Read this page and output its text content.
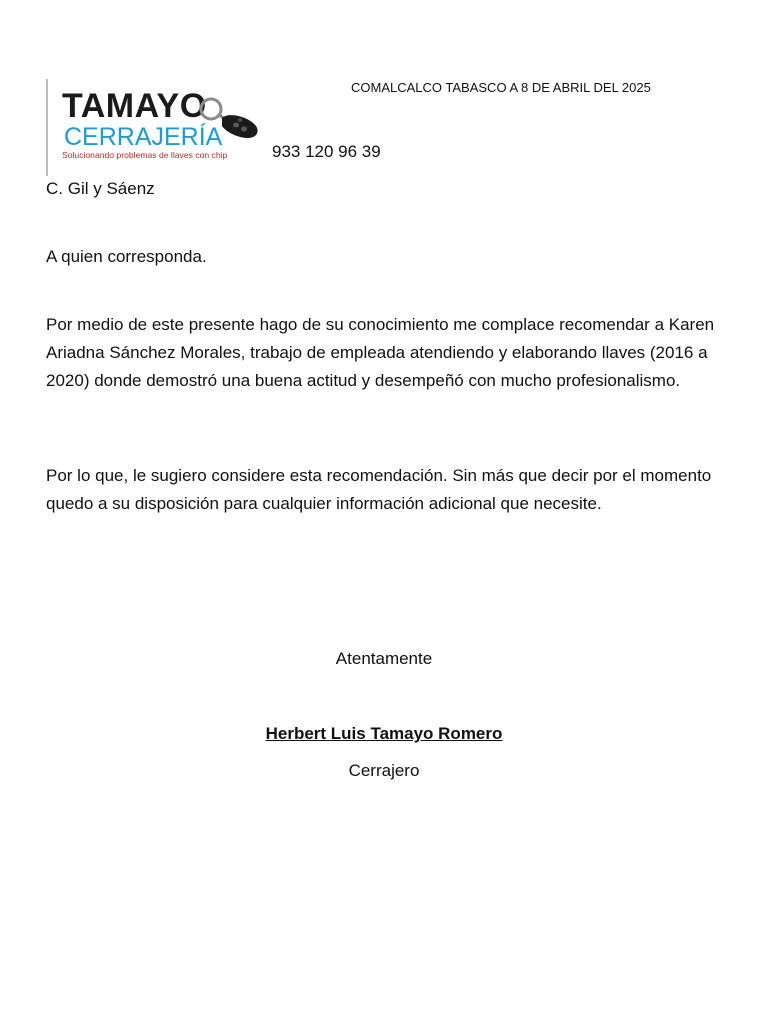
TAMAYO
CERRAJERÍA
Solucionando problemas de llaves con chip
COMALCALCO TABASCO A 8 DE ABRIL DEL 2025
933 120 96 39
C. Gil y Sáenz
A quien corresponda.
Por medio de este presente hago de su conocimiento me complace recomendar a Karen Ariadna Sánchez Morales, trabajo de empleada atendiendo y elaborando llaves (2016 a 2020) donde demostró una buena actitud y desempeñó con mucho profesionalismo.
Por lo que, le sugiero considere esta recomendación. Sin más que decir por el momento quedo a su disposición para cualquier información adicional que necesite.
Atentamente
Herbert Luis Tamayo Romero
Cerrajero
